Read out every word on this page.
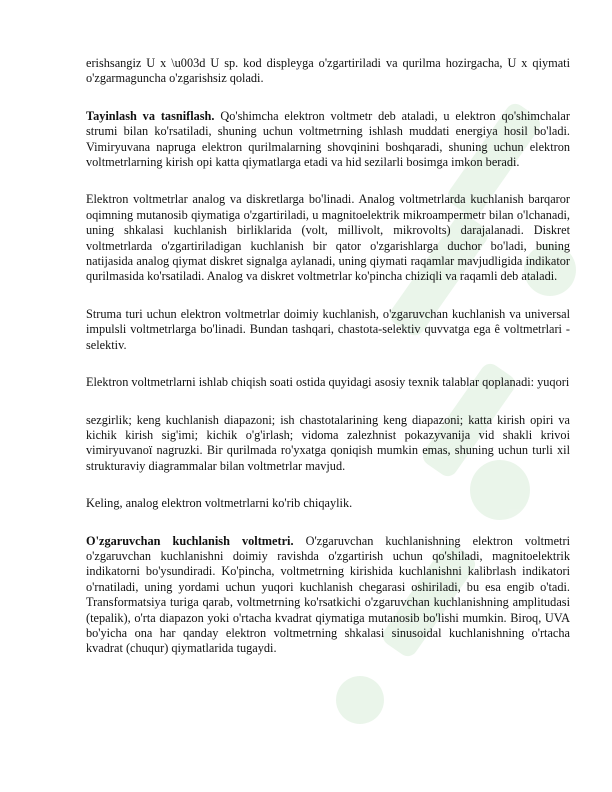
erishsangiz U x \u003d U sp. kod displeyga o'zgartiriladi va qurilma hozirgacha, U x qiymati o'zgarmaguncha o'zgarishsiz qoladi.

Tayinlash va tasniflash. Qo'shimcha elektron voltmetr deb ataladi, u elektron qo'shimchalar strumi bilan ko'rsatiladi, shuning uchun voltmetrning ishlash muddati energiya hosil bo'ladi. Vimiryuvana napruga elektron qurilmalarning shovqinini boshqaradi, shuning uchun elektron voltmetrlarning kirish opi katta qiymatlarga etadi va hid sezilarli bosimga imkon beradi.

Elektron voltmetrlar analog va diskretlarga bo'linadi. Analog voltmetrlarda kuchlanish barqaror oqimning mutanosib qiymatiga o'zgartiriladi, u magnitoelektrik mikroampermetr bilan o'lchanadi, uning shkalasi kuchlanish birliklarida (volt, millivolt, mikrovolts) darajalanadi. Diskret voltmetrlarda o'zgartiriladigan kuchlanish bir qator o'zgarishlarga duchor bo'ladi, buning natijasida analog qiymat diskret signalga aylanadi, uning qiymati raqamlar mavjudligida indikator qurilmasida ko'rsatiladi. Analog va diskret voltmetrlar ko'pincha chiziqli va raqamli deb ataladi.

Struma turi uchun elektron voltmetrlar doimiy kuchlanish, o'zgaruvchan kuchlanish va universal impulsli voltmetrlarga bo'linadi. Bundan tashqari, chastota-selektiv quvvatga ega ê voltmetrlari - selektiv.

Elektron voltmetrlarni ishlab chiqish soati ostida quyidagi asosiy texnik talablar qoplanadi: yuqori

sezgirlik; keng kuchlanish diapazoni; ish chastotalarining keng diapazoni; katta kirish opiri va kichik kirish sig'imi; kichik o'g'irlash; vidoma zalezhnist pokazyvanija vid shakli krivoi vimiryuvanoї nagruzki. Bir qurilmada ro'yxatga qoniqish mumkin emas, shuning uchun turli xil strukturaviy diagrammalar bilan voltmetrlar mavjud.

Keling, analog elektron voltmetrlarni ko'rib chiqaylik.

O'zgaruvchan kuchlanish voltmetri. O'zgaruvchan kuchlanishning elektron voltmetri o'zgaruvchan kuchlanishni doimiy ravishda o'zgartirish uchun qo'shiladi, magnitoelektrik indikatorni bo'ysundiradi. Ko'pincha, voltmetrning kirishida kuchlanishni kalibrlash indikatori o'rnatiladi, uning yordami uchun yuqori kuchlanish chegarasi oshiriladi, bu esa engib o'tadi. Transformatsiya turiga qarab, voltmetrning ko'rsatkichi o'zgaruvchan kuchlanishning amplitudasi (tepalik), o'rta diapazon yoki o'rtacha kvadrat qiymatiga mutanosib bo'lishi mumkin. Biroq, UVA bo'yicha ona har qanday elektron voltmetrning shkalasi sinusoidal kuchlanishning o'rtacha kvadrat (chuqur) qiymatlarida tugaydi.
